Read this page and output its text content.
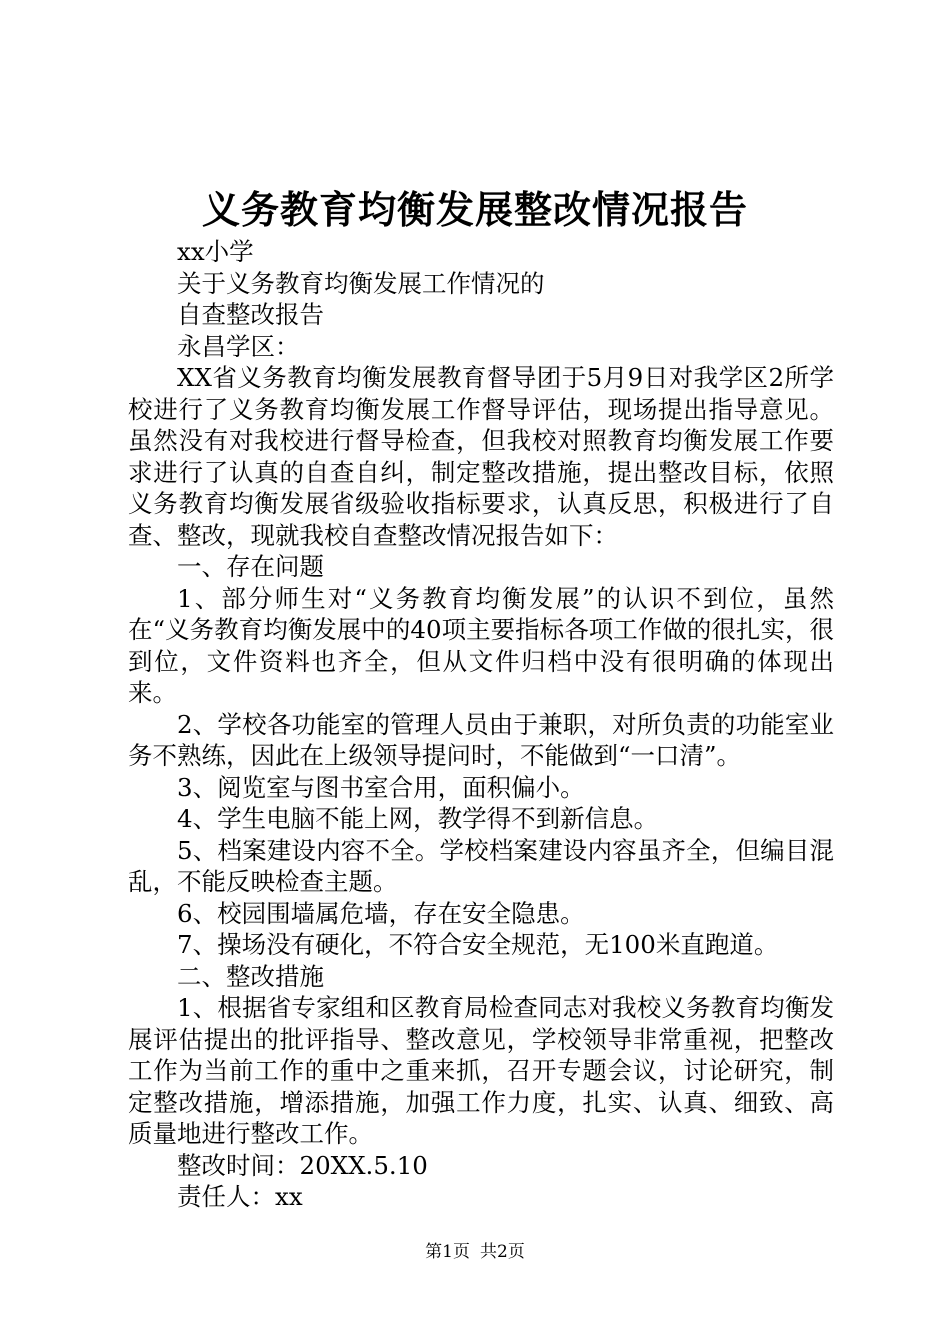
义务教育均衡发展整改情况报告

xx小学

关于义务教育均衡发展工作情况的

自查整改报告

永昌学区：

XX省义务教育均衡发展教育督导团于5月9日对我学区2所学校进行了义务教育均衡发展工作督导评估，现场提出指导意见。虽然没有对我校进行督导检查，但我校对照教育均衡发展工作要求进行了认真的自查自纠，制定整改措施，提出整改目标，依照义务教育均衡发展省级验收指标要求，认真反思，积极进行了自查、整改，现就我校自查整改情况报告如下：

一、存在问题

1、部分师生对“义务教育均衡发展”的认识不到位，虽然在“义务教育均衡发展中的40项主要指标各项工作做的很扎实，很到位，文件资料也齐全，但从文件归档中没有很明确的体现出来。

2、学校各功能室的管理人员由于兼职，对所负责的功能室业务不熟练，因此在上级领导提问时，不能做到“一口清”。

3、阅览室与图书室合用，面积偏小。

4、学生电脑不能上网，教学得不到新信息。

5、档案建设内容不全。学校档案建设内容虽齐全，但编目混乱，不能反映检查主题。

6、校园围墙属危墙，存在安全隐患。

7、操场没有硬化，不符合安全规范，无100米直跑道。

二、整改措施

1、根据省专家组和区教育局检查同志对我校义务教育均衡发展评估提出的批评指导、整改意见，学校领导非常重视，把整改工作为当前工作的重中之重来抓，召开专题会议，讨论研究，制定整改措施，增添措施，加强工作力度，扎实、认真、细致、高质量地进行整改工作。

整改时间：20XX.5.10

责任人：xx

第1页 共2页
